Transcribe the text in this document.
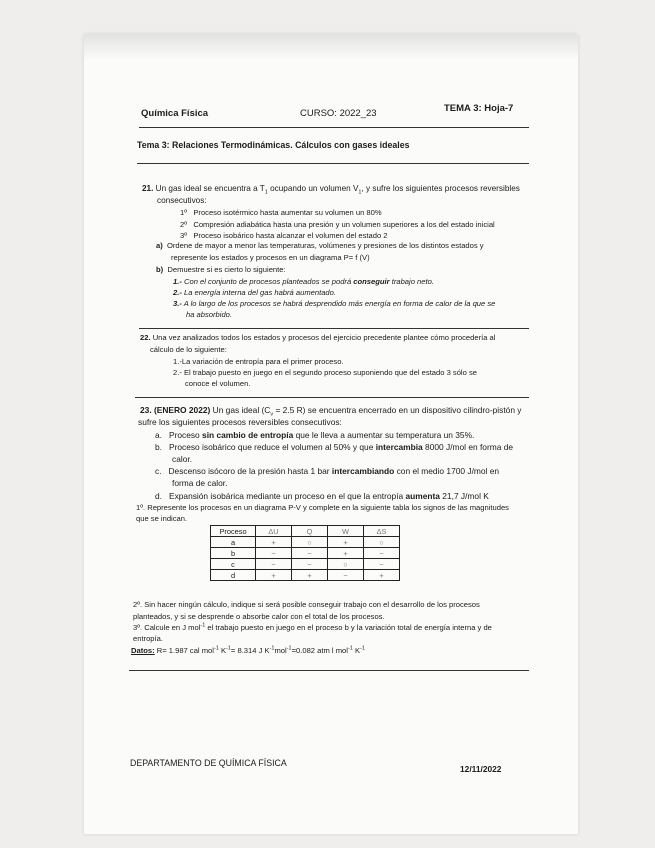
Química Física	CURSO: 2022_23	TEMA 3: Hoja-7
Tema 3: Relaciones Termodinámicas. Cálculos con gases ideales
21. Un gas ideal se encuentra a $T_1$ ocupando un volumen $V_1$, y sufre los siguientes procesos reversibles
consecutivos:
1º Proceso isotérmico hasta aumentar su volumen un 80%
2º Compresión adiabática hasta una presión y un volumen superiores a los del estado inicial
3º Proceso isobárico hasta alcanzar el volumen del estado 2
a) Ordene de mayor a menor las temperaturas, volúmenes y presiones de los distintos estados y
represente los estados y procesos en un diagrama P= f (V)
b) Demuestre si es cierto lo siguiente:
1.- Con el conjunto de procesos planteados se podrá conseguir trabajo neto.
2.- La energía interna del gas habrá aumentado.
3.- A lo largo de los procesos se habrá desprendido más energía en forma de calor de la que se
ha absorbido.
22. Una vez analizados todos los estados y procesos del ejercicio precedente plantee cómo procedería al
cálculo de lo siguiente:
1.-La variación de entropía para el primer proceso.
2.- El trabajo puesto en juego en el segundo proceso suponiendo que del estado 3 sólo se
conoce el volumen.
23. (ENERO 2022) Un gas ideal ($C_v = 2.5$ R) se encuentra encerrado en un dispositivo cilindro-pistón y
sufre los siguientes procesos reversibles consecutivos:
a. Proceso sin cambio de entropía que le lleva a aumentar su temperatura un 35%.
b. Proceso isobárico que reduce el volumen al 50% y que intercambia 8000 J/mol en forma de
calor.
c. Descenso isócoro de la presión hasta 1 bar intercambiando con el medio 1700 J/mol en
forma de calor.
d. Expansión isobárica mediante un proceso en el que la entropía aumenta 21,7 J/mol K
1º. Represente los procesos en un diagrama P-V y complete en la siguiente tabla los signos de las magnitudes
que se indican.
Proceso	ΔU	Q	W	ΔS
a	+	○	+	○
b	−	−	+	−
c	−	−	○	−
d	+	+	−	+
2º. Sin hacer ningún cálculo, indique si será posible conseguir trabajo con el desarrollo de los procesos
planteados, y si se desprende o absorbe calor con el total de los procesos.
3º. Calcule en J mol$^{-1}$ el trabajo puesto en juego en el proceso b y la variación total de energía interna y de
entropía.
Datos: R= 1.987 cal mol$^{-1}$ $K^{-1}= 8.314$ J $K^{-1}mol^{-1}=0.082$ atm l mol$^{-1}$ $K^{-1}$
DEPARTAMENTO DE QUÍMICA FÍSICA
12/11/2022
